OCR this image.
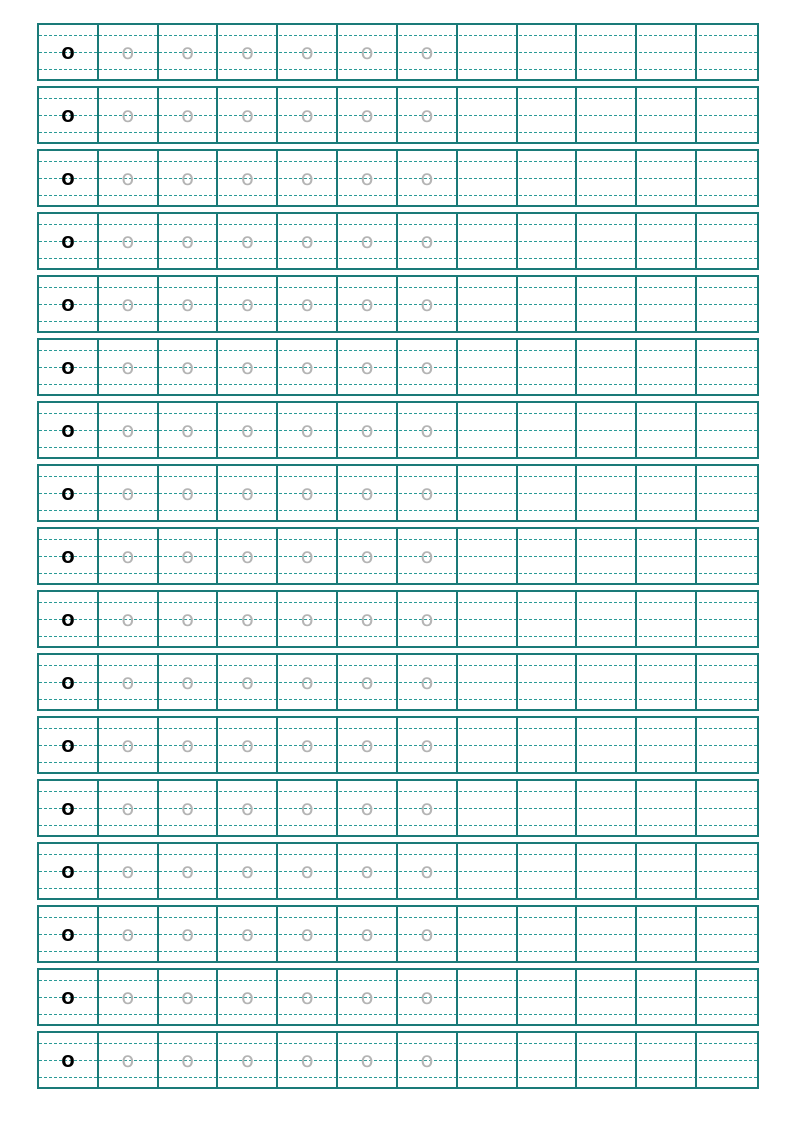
o	o	o	o	o	o	o
o	o	o	o	o	o	o
o	o	o	o	o	o	o
o	o	o	o	o	o	o
o	o	o	o	o	o	o
o	o	o	o	o	o	o
o	o	o	o	o	o	o
o	o	o	o	o	o	o
o	o	o	o	o	o	o
o	o	o	o	o	o	o
o	o	o	o	o	o	o
o	o	o	o	o	o	o
o	o	o	o	o	o	o
o	o	o	o	o	o	o
o	o	o	o	o	o	o
o	o	o	o	o	o	o
o	o	o	o	o	o	o
